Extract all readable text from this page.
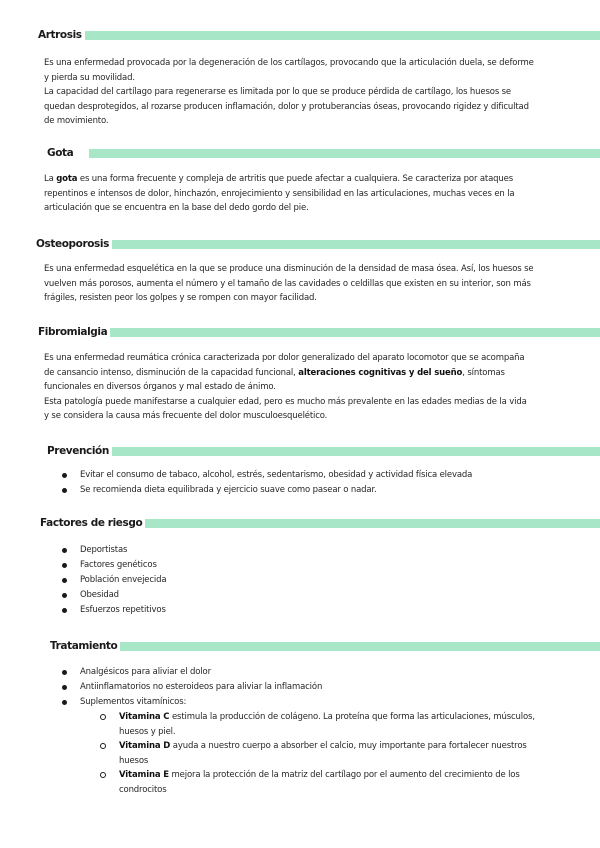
Artrosis

Es una enfermedad provocada por la degeneración de los cartílagos, provocando que la articulación duela, se deforme y pierda su movilidad.

La capacidad del cartílago para regenerarse es limitada por lo que se produce pérdida de cartílago, los huesos se quedan desprotegidos, al rozarse producen inflamación, dolor y protuberancias óseas, provocando rigidez y dificultad de movimiento.

Gota

La gota es una forma frecuente y compleja de artritis que puede afectar a cualquiera. Se caracteriza por ataques repentinos e intensos de dolor, hinchazón, enrojecimiento y sensibilidad en las articulaciones, muchas veces en la articulación que se encuentra en la base del dedo gordo del pie.

Osteoporosis

Es una enfermedad esquelética en la que se produce una disminución de la densidad de masa ósea. Así, los huesos se vuelven más porosos, aumenta el número y el tamaño de las cavidades o celdillas que existen en su interior, son más frágiles, resisten peor los golpes y se rompen con mayor facilidad.

Fibromialgia

Es una enfermedad reumática crónica caracterizada por dolor generalizado del aparato locomotor que se acompaña de cansancio intenso, disminución de la capacidad funcional, alteraciones cognitivas y del sueño, síntomas funcionales en diversos órganos y mal estado de ánimo.

Esta patología puede manifestarse a cualquier edad, pero es mucho más prevalente en las edades medias de la vida y se considera la causa más frecuente del dolor musculoesquelético.

Prevención
Evitar el consumo de tabaco, alcohol, estrés, sedentarismo, obesidad y actividad física elevada
Se recomienda dieta equilibrada y ejercicio suave como pasear o nadar.
Factores de riesgo
Deportistas
Factores genéticos
Población envejecida
Obesidad
Esfuerzos repetitivos
Tratamiento
Analgésicos para aliviar el dolor
Antiinflamatorios no esteroideos para aliviar la inflamación
Suplementos vitamínicos:
Vitamina C estimula la producción de colágeno. La proteína que forma las articulaciones, músculos, huesos y piel.
Vitamina D ayuda a nuestro cuerpo a absorber el calcio, muy importante para fortalecer nuestros huesos
Vitamina E mejora la protección de la matriz del cartílago por el aumento del crecimiento de los condrocitos
